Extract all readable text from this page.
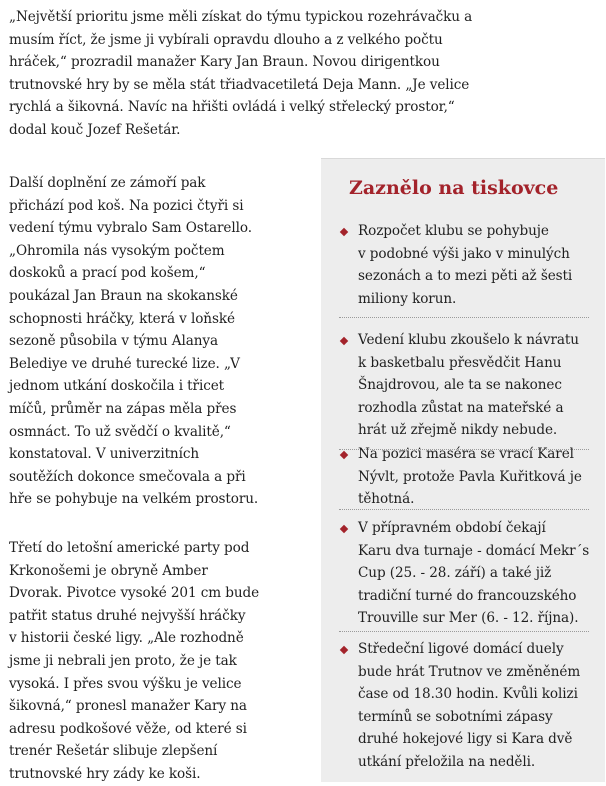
„Největší prioritu jsme měli získat do týmu typickou rozehrávačku a
musím říct, že jsme ji vybírali opravdu dlouho a z velkého počtu
hráček,“ prozradil manažer Kary Jan Braun. Novou dirigentkou
trutnovské hry by se měla stát třiadvacetiletá Deja Mann. „Je velice
rychlá a šikovná. Navíc na hřišti ovládá i velký střelecký prostor,“
dodal kouč Jozef Rešetár.

Další doplnění ze zámoří pak
přichází pod koš. Na pozici čtyři si
vedení týmu vybralo Sam Ostarello.
„Ohromila nás vysokým počtem
doskoků a prací pod košem,“
poukázal Jan Braun na skokanské
schopnosti hráčky, která v loňské
sezoně působila v týmu Alanya
Belediye ve druhé turecké lize. „V
jednom utkání doskočila i třicet
míčů, průměr na zápas měla přes
osmnáct. To už svědčí o kvalitě,“
konstatoval. V univerzitních
soutěžích dokonce smečovala a při
hře se pohybuje na velkém prostoru.

Třetí do letošní americké party pod
Krkonošemi je obryně Amber
Dvorak. Pivotce vysoké 201 cm bude
patřit status druhé nejvyšší hráčky
v historii české ligy. „Ale rozhodně
jsme ji nebrali jen proto, že je tak
vysoká. I přes svou výšku je velice
šikovná,“ pronesl manažer Kary na
adresu podkošové věže, od které si
trenér Rešetár slibuje zlepšení
trutnovské hry zády ke koši.

Zaznělo na tiskovce
Rozpočet klubu se pohybuje
v podobné výši jako v minulých
sezonách a to mezi pěti až šesti
miliony korun.
Vedení klubu zkoušelo k návratu
k basketbalu přesvědčit Hanu
Šnajdrovou, ale ta se nakonec
rozhodla zůstat na mateřské a
hrát už zřejmě nikdy nebude.
Na pozici maséra se vrací Karel
Nývlt, protože Pavla Kuřitková je
těhotná.
V přípravném období čekají
Karu dva turnaje - domácí Mekr´s
Cup (25. - 28. září) a také již
tradiční turné do francouzského
Trouville sur Mer (6. - 12. října).
Středeční ligové domácí duely
bude hrát Trutnov ve změněném
čase od 18.30 hodin. Kvůli kolizi
termínů se sobotními zápasy
druhé hokejové ligy si Kara dvě
utkání přeložila na neděli.
